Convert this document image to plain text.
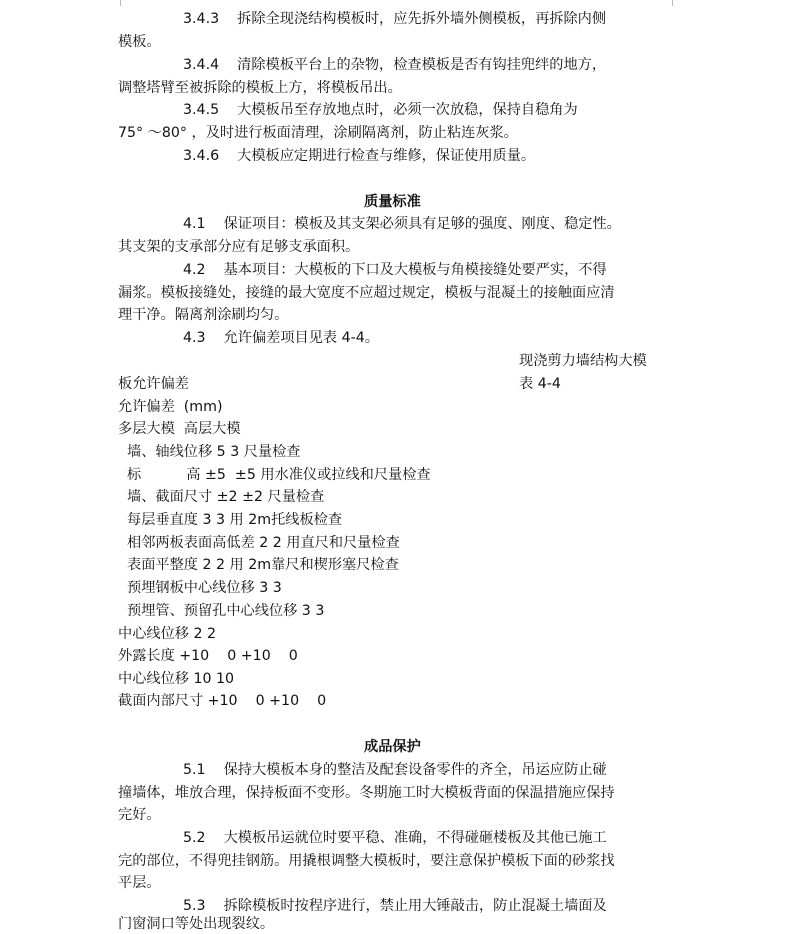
3.4.3    拆除全现浇结构模板时，应先拆外墙外侧模板，再拆除内侧
模板。
3.4.4    清除模板平台上的杂物，检查模板是否有钩挂兜绊的地方，
调整塔臂至被拆除的模板上方，将模板吊出。
3.4.5    大模板吊至存放地点时，必须一次放稳，保持自稳角为
75° ～80° ，及时进行板面清理，涂刷隔离剂，防止粘连灰浆。
3.4.6    大模板应定期进行检查与维修，保证使用质量。
质量标准
4.1    保证项目：模板及其支架必须具有足够的强度、刚度、稳定性。
其支架的支承部分应有足够支承面积。
4.2    基本项目：大模板的下口及大模板与角模接缝处要严实，不得
漏浆。模板接缝处，接缝的最大宽度不应超过规定，模板与混凝土的接触面应清
理干净。隔离剂涂刷均匀。
4.3    允许偏差项目见表 4-4。
现浇剪力墙结构大模
板允许偏差	表 4-4
允许偏差  (mm)
多层大模  高层大模
墙、轴线位移 5 3 尺量检查
标          高 ±5  ±5 用水准仪或拉线和尺量检查
墙、截面尺寸 ±2 ±2 尺量检查
每层垂直度 3 3 用 2m托线板检查
相邻两板表面高低差 2 2 用直尺和尺量检查
表面平整度 2 2 用 2m靠尺和楔形塞尺检查
预埋钢板中心线位移 3 3
预埋管、预留孔中心线位移 3 3
中心线位移 2 2
外露长度 +10    0 +10    0
中心线位移 10 10
截面内部尺寸 +10    0 +10    0
成品保护
5.1    保持大模板本身的整洁及配套设备零件的齐全，吊运应防止碰
撞墙体，堆放合理，保持板面不变形。冬期施工时大模板背面的保温措施应保持
完好。
5.2    大模板吊运就位时要平稳、准确，不得碰砸楼板及其他已施工
完的部位，不得兜挂钢筋。用撬根调整大模板时，要注意保护模板下面的砂浆找
平层。
5.3    拆除模板时按程序进行，禁止用大锤敲击，防止混凝土墙面及
门窗洞口等处出现裂纹。
